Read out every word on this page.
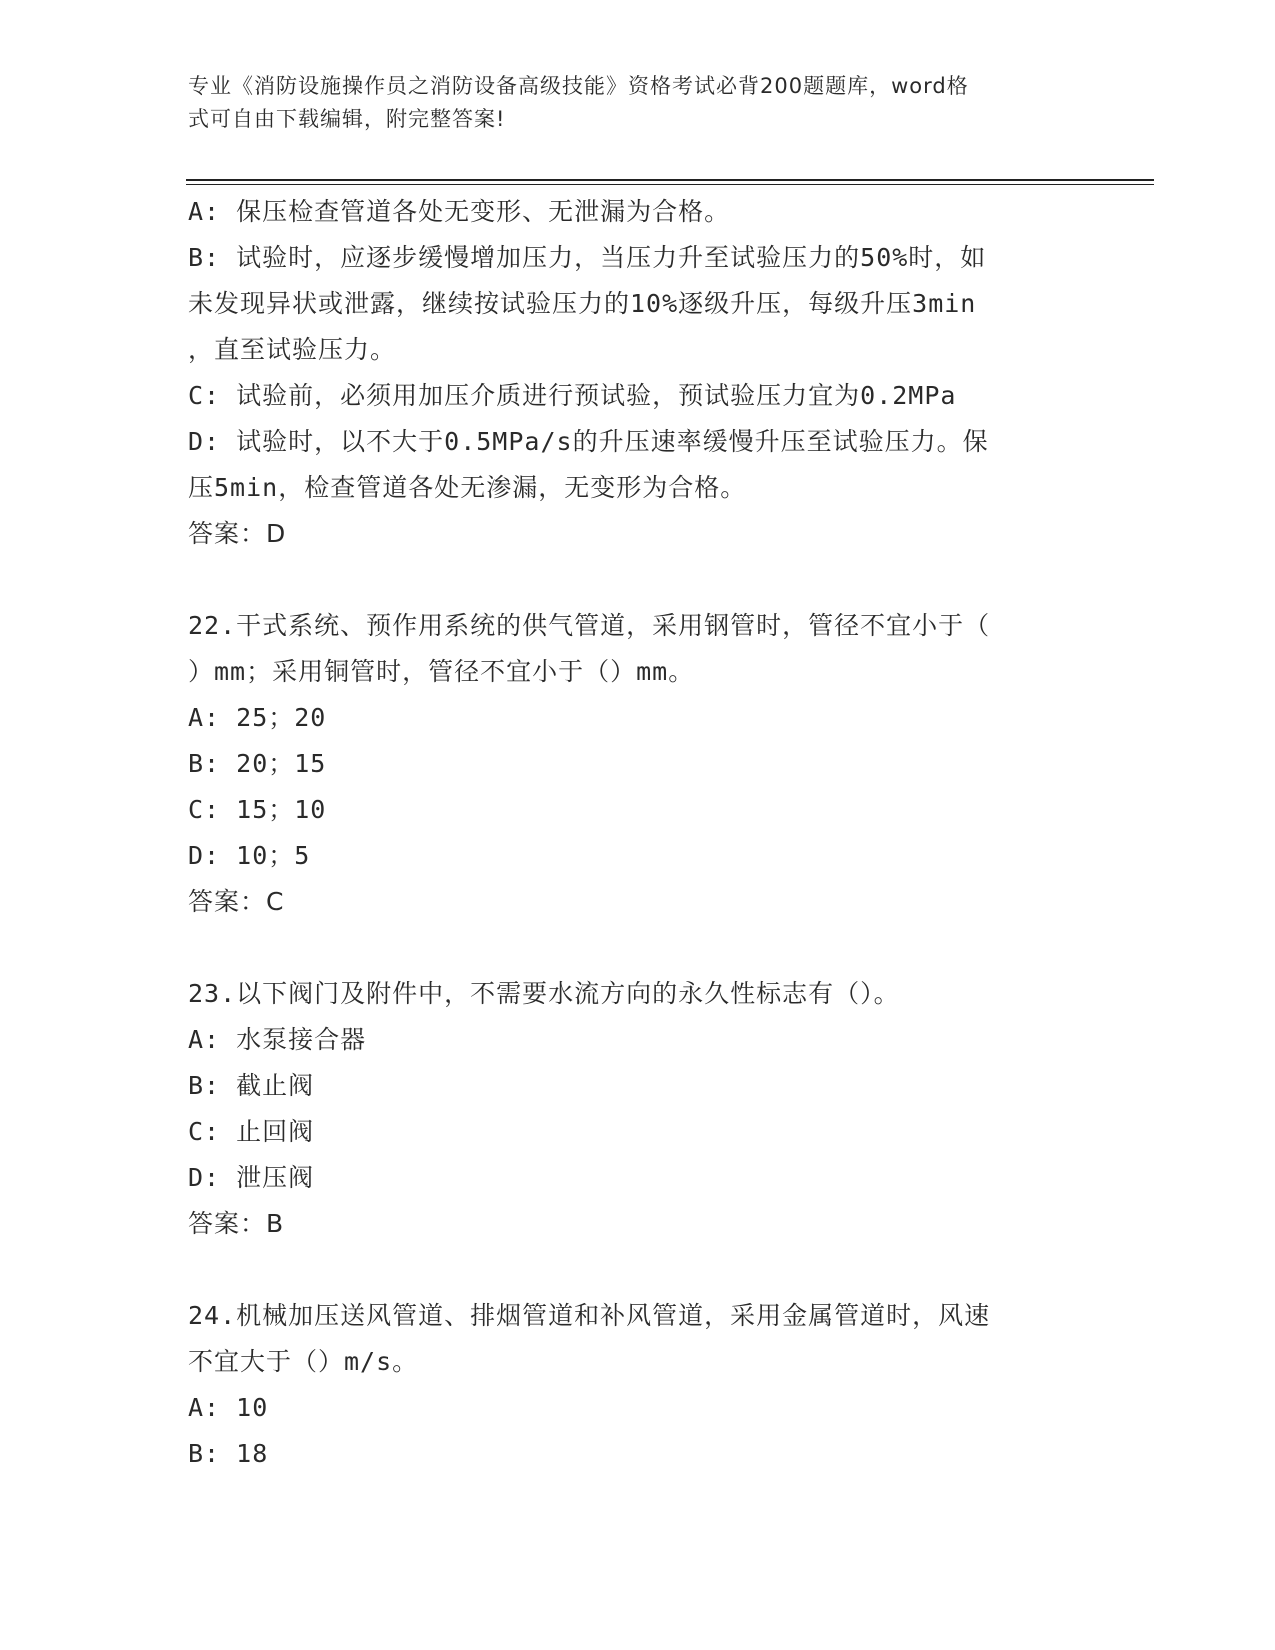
专业《消防设施操作员之消防设备高级技能》资格考试必背200题题库，word格
式可自由下载编辑，附完整答案!
A: 保压检查管道各处无变形、无泄漏为合格。
B: 试验时，应逐步缓慢增加压力，当压力升至试验压力的50%时，如
未发现异状或泄露，继续按试验压力的10%逐级升压，每级升压3min
，直至试验压力。
C: 试验前，必须用加压介质进行预试验，预试验压力宜为0.2MPa
D: 试验时，以不大于0.5MPa/s的升压速率缓慢升压至试验压力。保
压5min，检查管道各处无渗漏，无变形为合格。
答案：D
22.干式系统、预作用系统的供气管道，采用钢管时，管径不宜小于（
）mm；采用铜管时，管径不宜小于（）mm。
A: 25；20
B: 20；15
C: 15；10
D: 10；5
答案：C
23.以下阀门及附件中，不需要水流方向的永久性标志有（）。
A: 水泵接合器
B: 截止阀
C: 止回阀
D: 泄压阀
答案：B
24.机械加压送风管道、排烟管道和补风管道，采用金属管道时，风速
不宜大于（）m/s。
A: 10
B: 18
